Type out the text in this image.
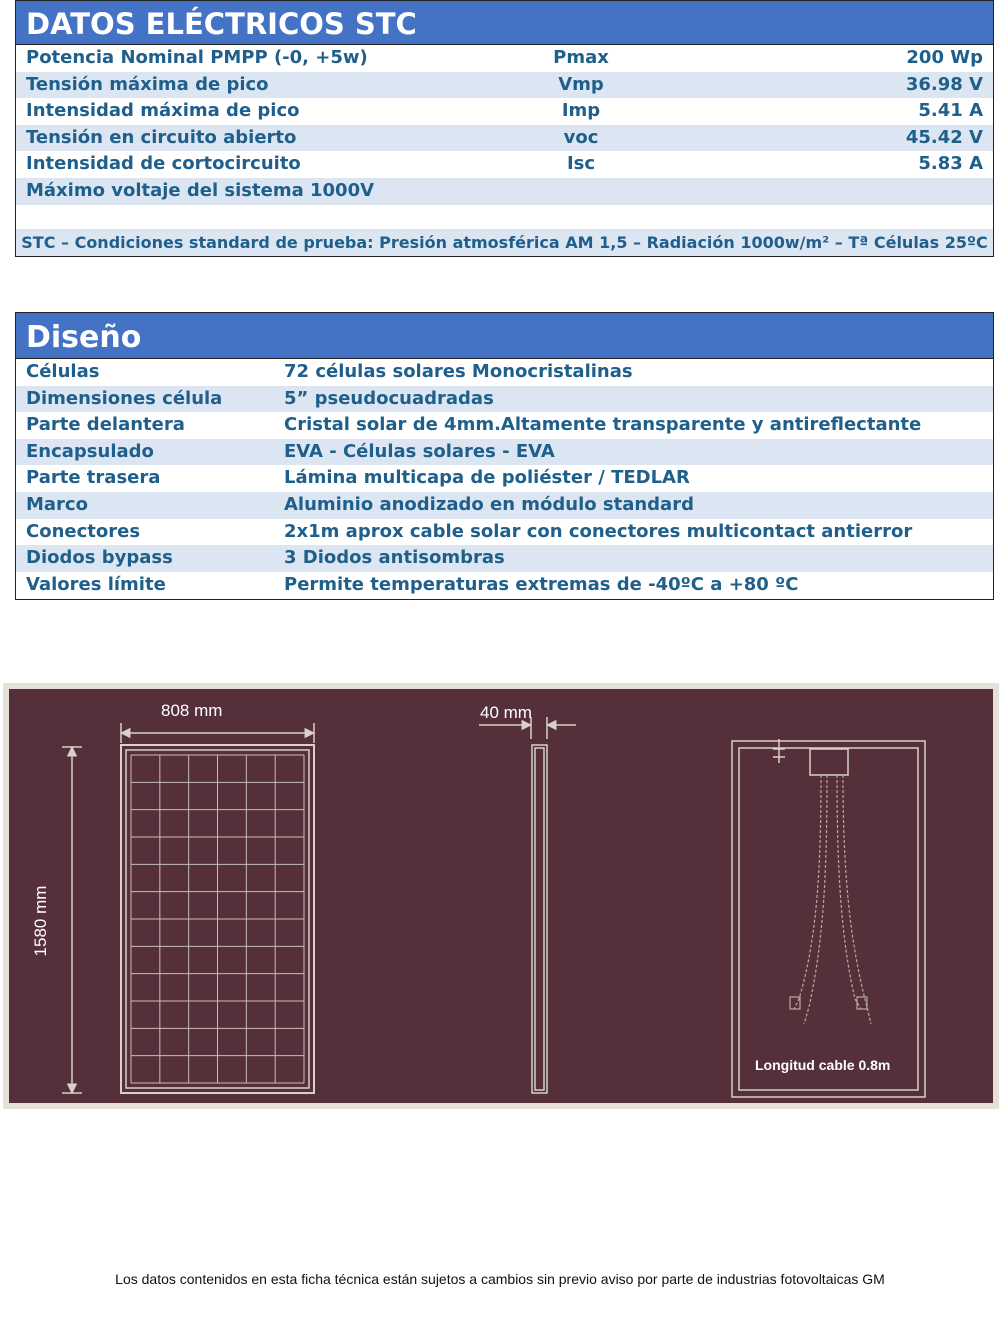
DATOS ELÉCTRICOS STC
Potencia Nominal PMPP (-0, +5w)	Pmax	200 Wp
Tensión máxima de pico	Vmp	36.98 V
Intensidad máxima de pico	Imp	5.41 A
Tensión en circuito abierto	voc	45.42 V
Intensidad de cortocircuito	Isc	5.83 A
Máximo voltaje del sistema 1000V
STC – Condiciones standard de prueba: Presión atmosférica AM 1,5 – Radiación 1000w/m² – Tª Células 25ºC
Diseño
Células	72 células solares Monocristalinas
Dimensiones célula	5” pseudocuadradas
Parte delantera	Cristal solar de 4mm.Altamente transparente y antireflectante
Encapsulado	EVA - Células solares - EVA
Parte trasera	Lámina multicapa de poliéster / TEDLAR
Marco	Aluminio anodizado en módulo standard
Conectores	2x1m aprox cable solar con conectores multicontact antierror
Diodos bypass	3 Diodos antisombras
Valores límite	Permite temperaturas extremas de -40ºC a +80 ºC
808 mm	40 mm
1580 mm
Longitud cable 0.8m
Los datos contenidos en esta ficha técnica están sujetos a cambios sin previo aviso por parte de industrias fotovoltaicas GM
